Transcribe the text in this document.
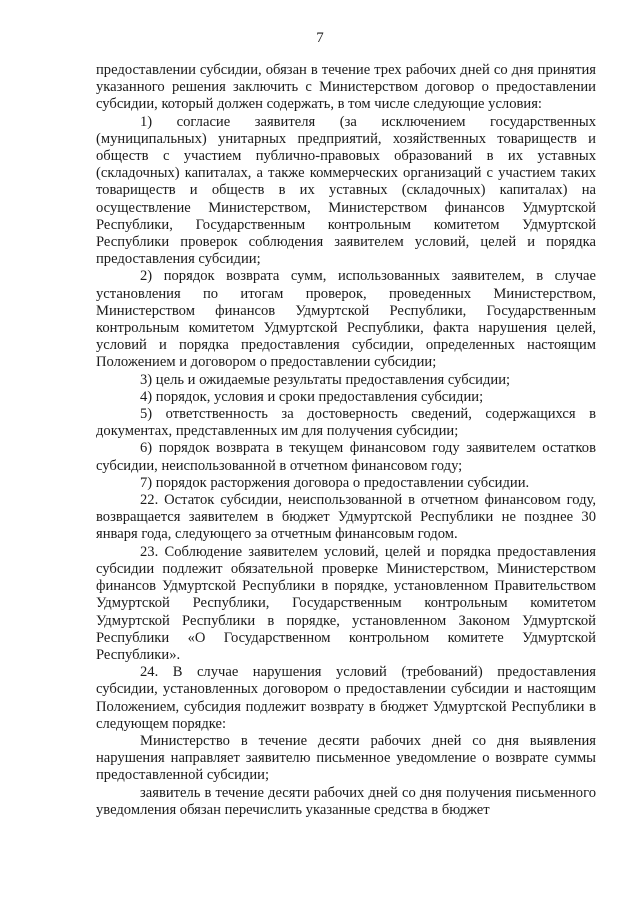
7

предоставлении субсидии, обязан в течение трех рабочих дней со дня принятия указанного решения заключить с Министерством договор о предоставлении субсидии, который должен содержать, в том числе следующие условия:

1) согласие заявителя (за исключением государственных (муниципальных) унитарных предприятий, хозяйственных товариществ и обществ с участием публично-правовых образований в их уставных (складочных) капиталах, а также коммерческих организаций с участием таких товариществ и обществ в их уставных (складочных) капиталах) на осуществление Министерством, Министерством финансов Удмуртской Республики, Государственным контрольным комитетом Удмуртской Республики проверок соблюдения заявителем условий, целей и порядка предоставления субсидии;

2) порядок возврата сумм, использованных заявителем, в случае установления по итогам проверок, проведенных Министерством, Министерством финансов Удмуртской Республики, Государственным контрольным комитетом Удмуртской Республики, факта нарушения целей, условий и порядка предоставления субсидии, определенных настоящим Положением и договором о предоставлении субсидии;

3) цель и ожидаемые результаты предоставления субсидии;

4) порядок, условия и сроки предоставления субсидии;

5) ответственность за достоверность сведений, содержащихся в документах, представленных им для получения субсидии;

6) порядок возврата в текущем финансовом году заявителем остатков субсидии, неиспользованной в отчетном финансовом году;

7) порядок расторжения договора о предоставлении субсидии.

22. Остаток субсидии, неиспользованной в отчетном финансовом году, возвращается заявителем в бюджет Удмуртской Республики не позднее 30 января года, следующего за отчетным финансовым годом.

23. Соблюдение заявителем условий, целей и порядка предоставления субсидии подлежит обязательной проверке Министерством, Министерством финансов Удмуртской Республики в порядке, установленном Правительством Удмуртской Республики, Государственным контрольным комитетом Удмуртской Республики в порядке, установленном Законом Удмуртской Республики «О Государственном контрольном комитете Удмуртской Республики».

24. В случае нарушения условий (требований) предоставления субсидии, установленных договором о предоставлении субсидии и настоящим Положением, субсидия подлежит возврату в бюджет Удмуртской Республики в следующем порядке:

Министерство в течение десяти рабочих дней со дня выявления нарушения направляет заявителю письменное уведомление о возврате суммы предоставленной субсидии;

заявитель в течение десяти рабочих дней со дня получения письменного уведомления обязан перечислить указанные средства в бюджет
